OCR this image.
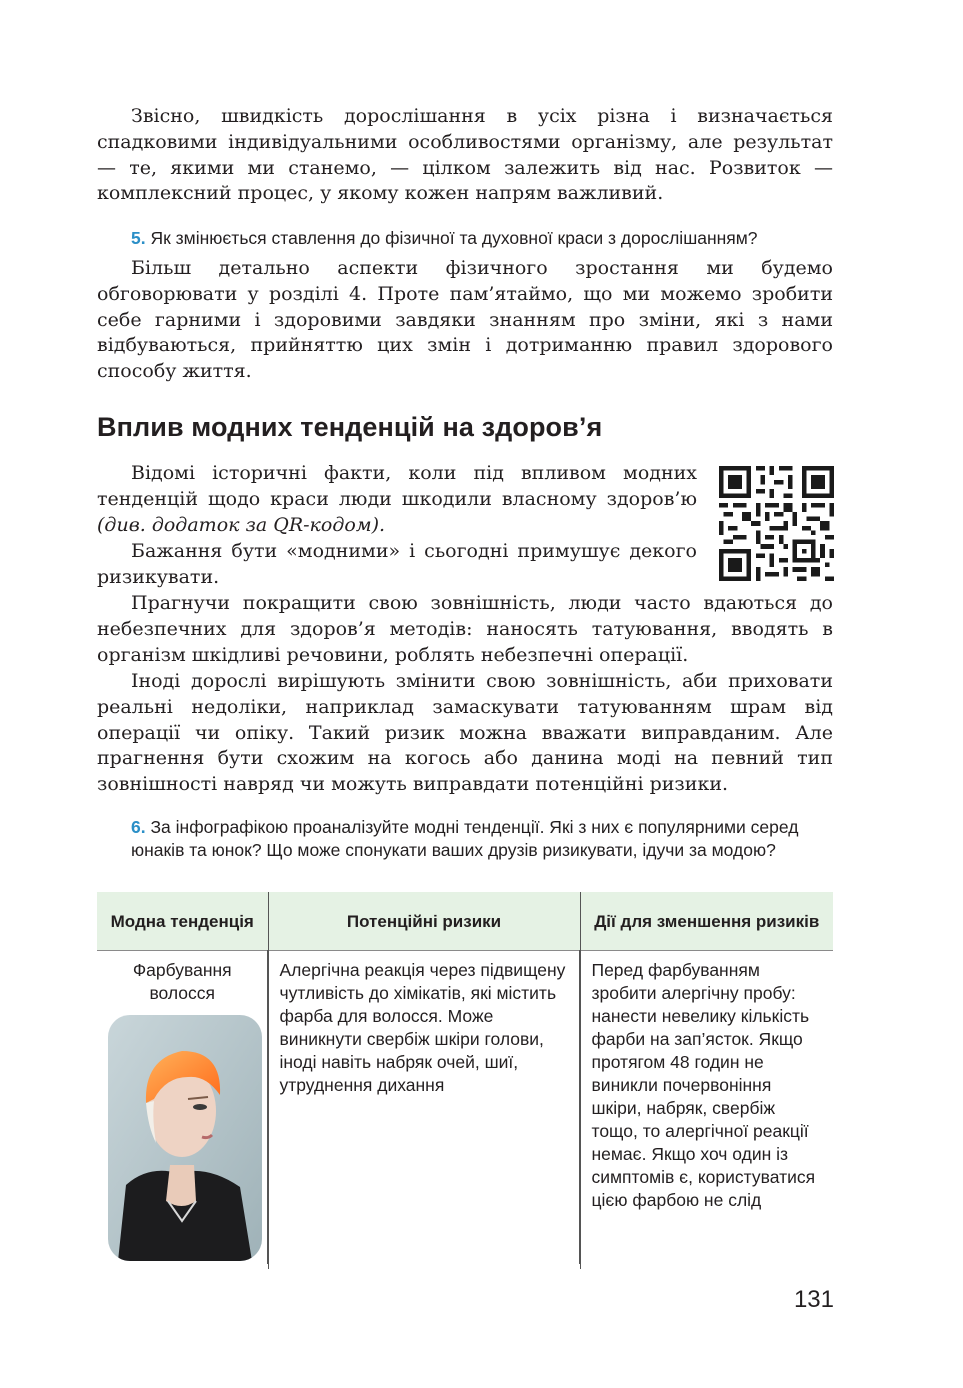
Звісно, швидкість дорослішання в усіх різна і визначається спадковими індивідуальними особливостями організму, але результат — те, якими ми станемо, — цілком залежить від нас. Розвиток — комплексний процес, у якому кожен напрям важливий.

5. Як змінюється ставлення до фізичної та духовної краси з дорослішанням?

Більш детально аспекти фізичного зростання ми будемо обговорювати у розділі 4. Проте пам’ятаймо, що ми можемо зробити себе гарними і здоровими завдяки знанням про зміни, які з нами відбуваються, прийняттю цих змін і дотриманню правил здорового способу життя.

Вплив модних тенденцій на здоров’я

Відомі історичні факти, коли під впливом модних тенденцій щодо краси люди шкодили власному здоров’ю (див. додаток за QR-кодом).

Бажання бути «модними» і сьогодні примушує декого ризикувати.

Прагнучи покращити свою зовнішність, люди часто вдаються до небезпечних для здоров’я методів: наносять татуювання, вводять в організм шкідливі речовини, роблять небезпечні операції.

Іноді дорослі вирішують змінити свою зовнішність, аби приховати реальні недоліки, наприклад замаскувати татуюванням шрам від операції чи опіку. Такий ризик можна вважати виправданим. Але прагнення бути схожим на когось або данина моді на певний тип зовнішності навряд чи можуть виправдати потенційні ризики.

6. За інфографікою проаналізуйте модні тенденції. Які з них є популярними серед юнаків та юнок? Що може спонукати ваших друзів ризикувати, ідучи за модою?

Модна тенденція	Потенційні ризики	Дії для зменшення ризиків

Фарбування волосся	Алергічна реакція через підвищену чутливість до хімікатів, які містить фарба для волосся. Може виникнути свербіж шкіри голови, іноді навіть набряк очей, шиї, утруднення дихання	Перед фарбуванням зробити алергічну пробу: нанести невелику кількість фарби на зап’ясток. Якщо протягом 48 годин не виникли почервоніння шкіри, набряк, свербіж тощо, то алергічної реакції немає. Якщо хоч один із симптомів є, користуватися цією фарбою не слід

131
